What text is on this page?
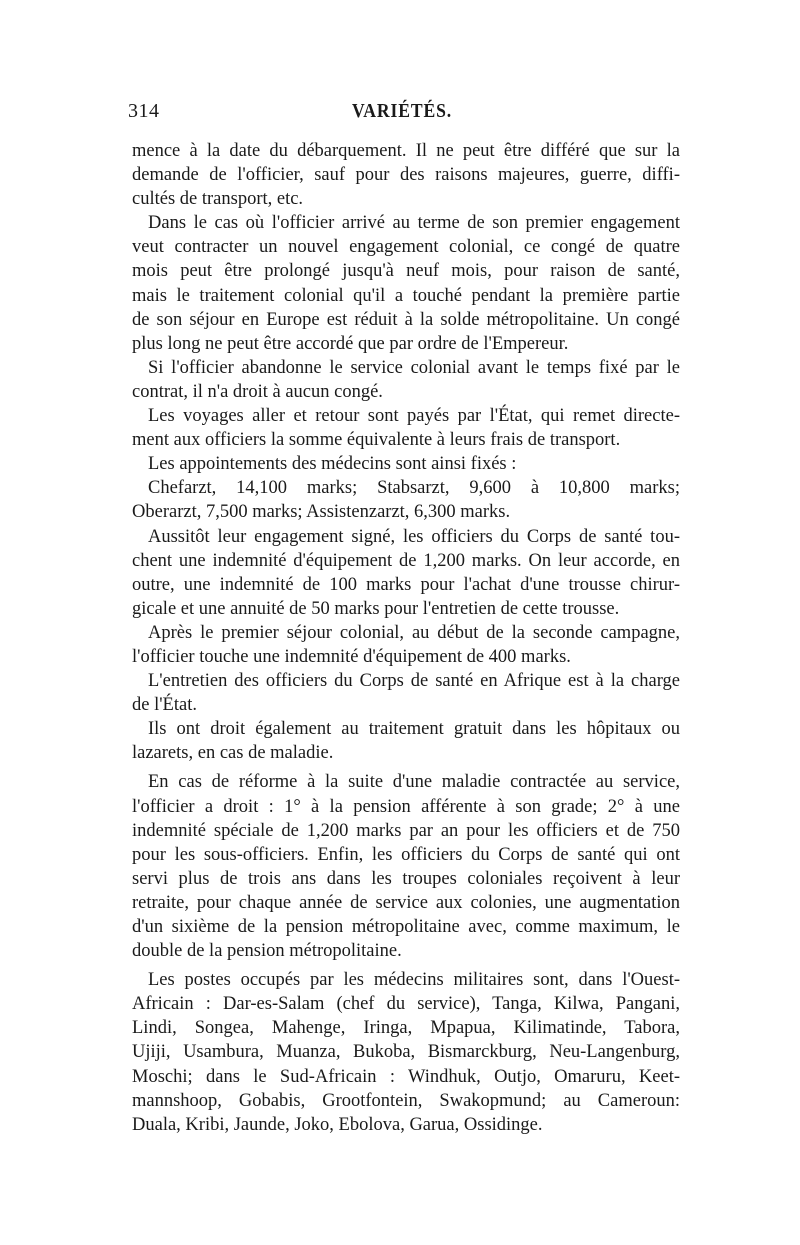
314	VARIÉTÉS.
mence à la date du débarquement. Il ne peut être différé que sur la
demande de l'officier, sauf pour des raisons majeures, guerre, diffi-
cultés de transport, etc.
Dans le cas où l'officier arrivé au terme de son premier engagement
veut contracter un nouvel engagement colonial, ce congé de quatre
mois peut être prolongé jusqu'à neuf mois, pour raison de santé,
mais le traitement colonial qu'il a touché pendant la première partie
de son séjour en Europe est réduit à la solde métropolitaine. Un congé
plus long ne peut être accordé que par ordre de l'Empereur.
Si l'officier abandonne le service colonial avant le temps fixé par le
contrat, il n'a droit à aucun congé.
Les voyages aller et retour sont payés par l'État, qui remet directe-
ment aux officiers la somme équivalente à leurs frais de transport.
Les appointements des médecins sont ainsi fixés :
Chefarzt, 14,100 marks; Stabsarzt, 9,600 à 10,800 marks;
Oberarzt, 7,500 marks; Assistenzarzt, 6,300 marks.
Aussitôt leur engagement signé, les officiers du Corps de santé tou-
chent une indemnité d'équipement de 1,200 marks. On leur accorde, en
outre, une indemnité de 100 marks pour l'achat d'une trousse chirur-
gicale et une annuité de 50 marks pour l'entretien de cette trousse.
Après le premier séjour colonial, au début de la seconde campagne,
l'officier touche une indemnité d'équipement de 400 marks.
L'entretien des officiers du Corps de santé en Afrique est à la charge
de l'État.
Ils ont droit également au traitement gratuit dans les hôpitaux ou
lazarets, en cas de maladie.
En cas de réforme à la suite d'une maladie contractée au service,
l'officier a droit : 1° à la pension afférente à son grade; 2° à une
indemnité spéciale de 1,200 marks par an pour les officiers et de 750
pour les sous-officiers. Enfin, les officiers du Corps de santé qui ont
servi plus de trois ans dans les troupes coloniales reçoivent à leur
retraite, pour chaque année de service aux colonies, une augmentation
d'un sixième de la pension métropolitaine avec, comme maximum, le
double de la pension métropolitaine.
Les postes occupés par les médecins militaires sont, dans l'Ouest-
Africain : Dar-es-Salam (chef du service), Tanga, Kilwa, Pangani,
Lindi, Songea, Mahenge, Iringa, Mpapua, Kilimatinde, Tabora,
Ujiji, Usambura, Muanza, Bukoba, Bismarckburg, Neu-Langenburg,
Moschi; dans le Sud-Africain : Windhuk, Outjo, Omaruru, Keet-
mannshoop, Gobabis, Grootfontein, Swakopmund; au Cameroun:
Duala, Kribi, Jaunde, Joko, Ebolova, Garua, Ossidinge.
